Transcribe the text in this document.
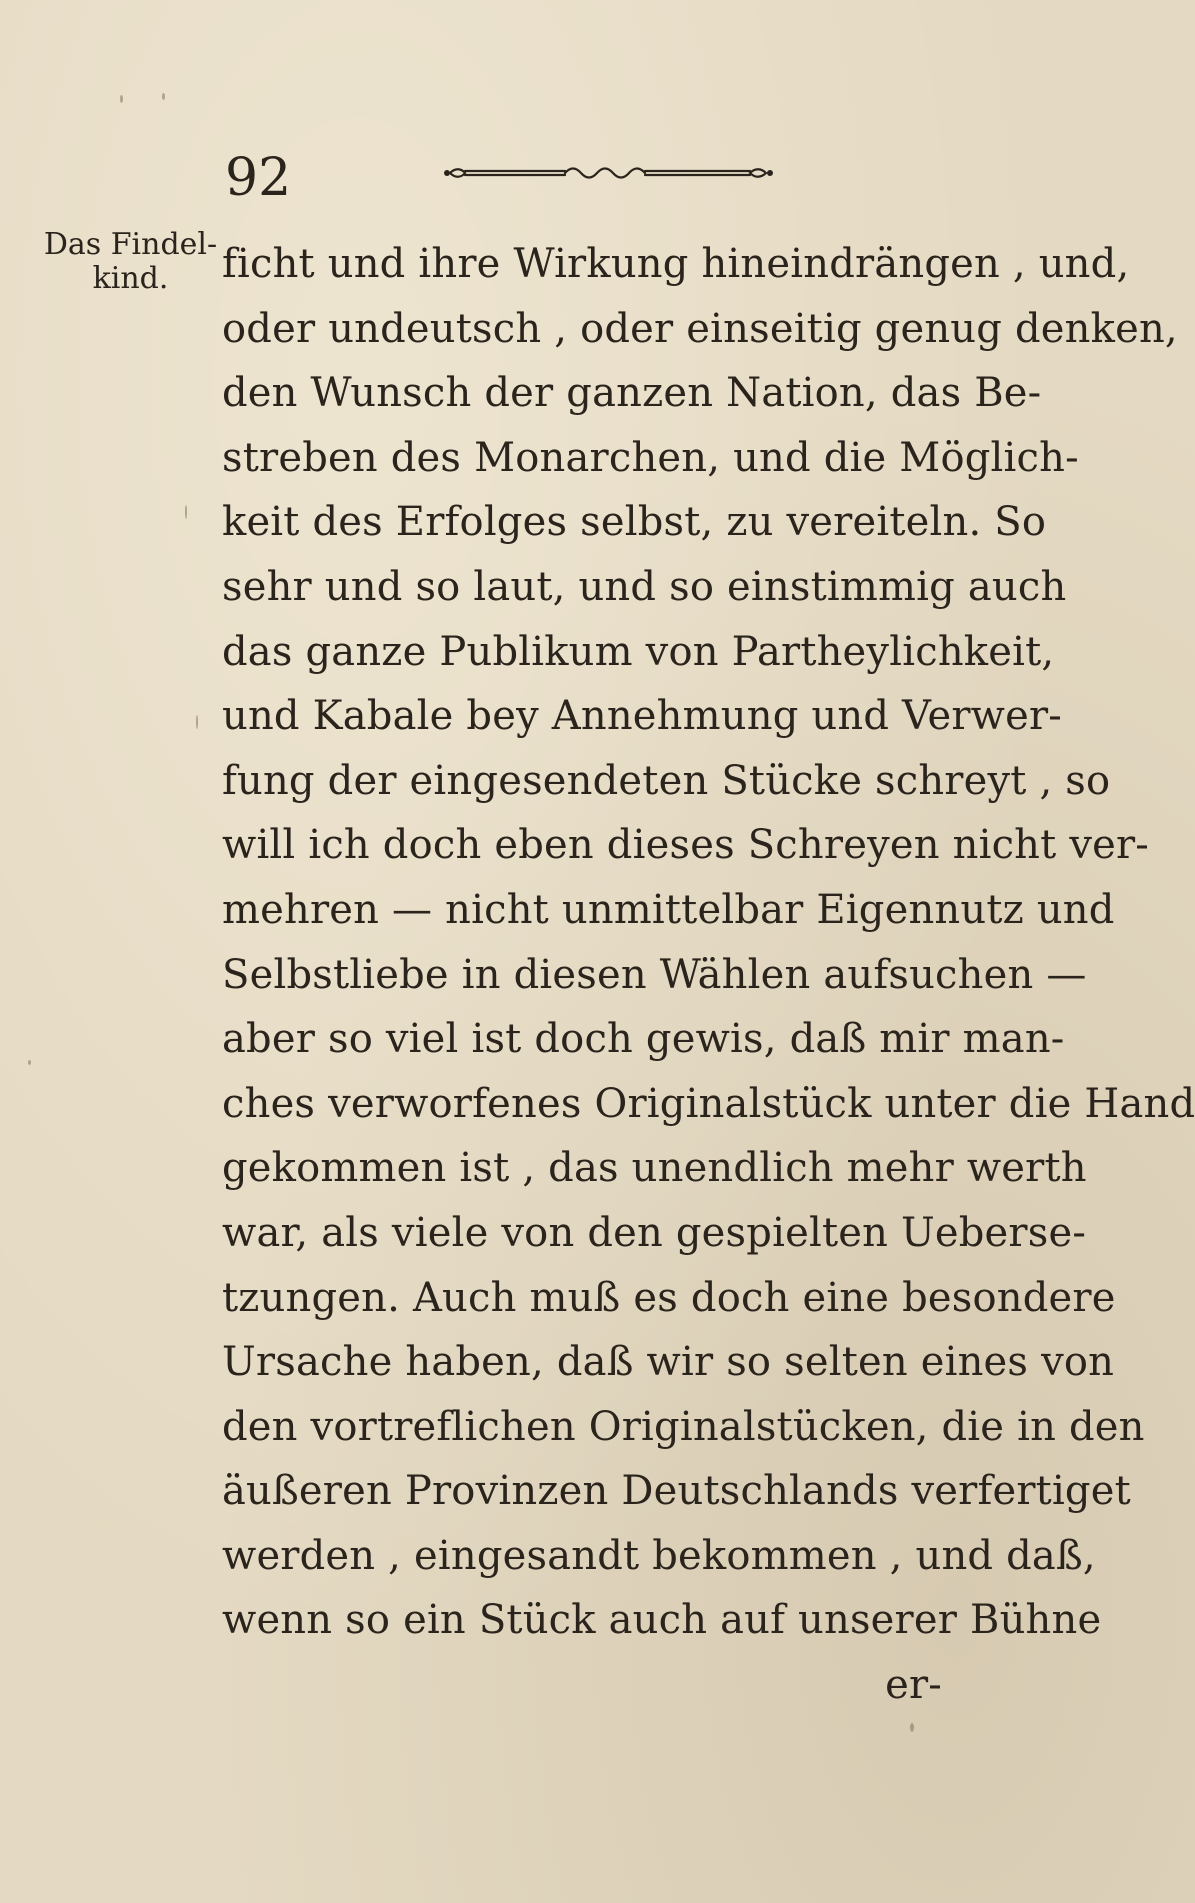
92
Das Findel-
kind.	ficht und ihre Wirkung hineindrängen , und,
oder undeutsch , oder einseitig genug denken,
den Wunsch der ganzen Nation, das Be-
streben des Monarchen, und die Möglich-
keit des Erfolges selbst, zu vereiteln. So
sehr und so laut, und so einstimmig auch
das ganze Publikum von Partheylichkeit,
und Kabale bey Annehmung und Verwer-
fung der eingesendeten Stücke schreyt , so
will ich doch eben dieses Schreyen nicht ver-
mehren — nicht unmittelbar Eigennutz und
Selbstliebe in diesen Wählen aufsuchen —
aber so viel ist doch gewis, daß mir man-
ches verworfenes Originalstück unter die Hand
gekommen ist , das unendlich mehr werth
war, als viele von den gespielten Ueberse-
tzungen. Auch muß es doch eine besondere
Ursache haben, daß wir so selten eines von
den vortreflichen Originalstücken, die in den
äußeren Provinzen Deutschlands verfertiget
werden , eingesandt bekommen , und daß,
wenn so ein Stück auch auf unserer Bühne
er-
